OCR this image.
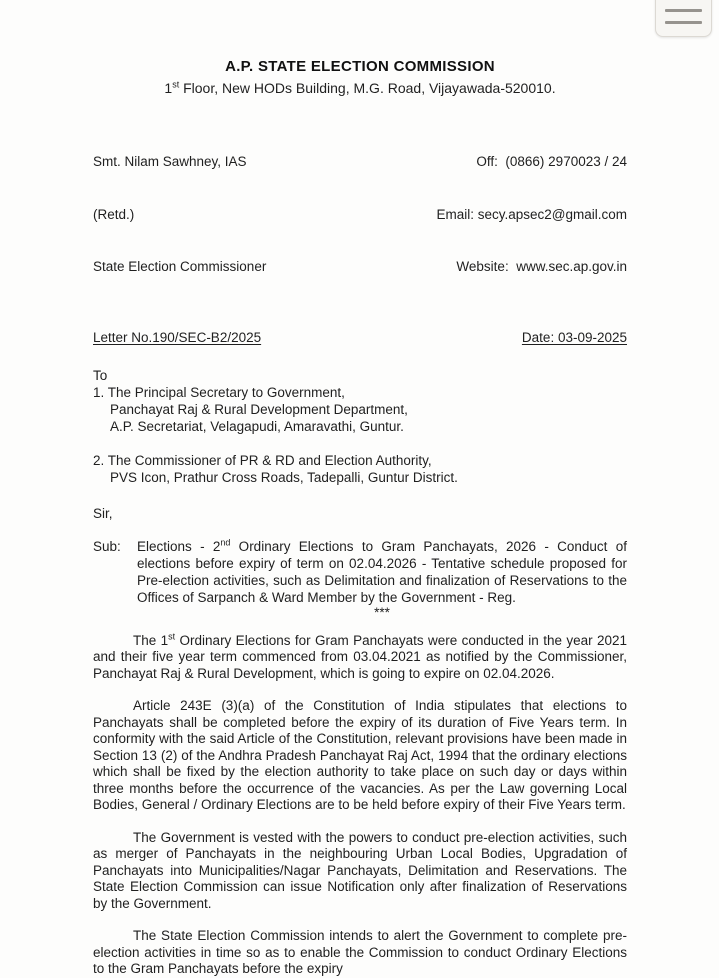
A.P. STATE ELECTION COMMISSION
1st Floor, New HODs Building, M.G. Road, Vijayawada-520010.

Smt. Nilam Sawhney, IAS

(Retd.)

State Election Commissioner

Off:  (0866) 2970023 / 24

Email: secy.apsec2@gmail.com

Website:  www.sec.ap.gov.in

Letter No.190/SEC-B2/2025	Date: 03-09-2025
To
1. The Principal Secretary to Government,
Panchayat Raj & Rural Development Department,
A.P. Secretariat, Velagapudi, Amaravathi, Guntur.
2. The Commissioner of PR & RD and Election Authority,
PVS Icon, Prathur Cross Roads, Tadepalli, Guntur District.
Sir,
Sub:	Elections - 2nd Ordinary Elections to Gram Panchayats, 2026 - Conduct of elections before expiry of term on 02.04.2026 - Tentative schedule proposed for Pre-election activities, such as Delimitation and finalization of Reservations to the Offices of Sarpanch & Ward Member by the Government - Reg.
***

The 1st Ordinary Elections for Gram Panchayats were conducted in the year 2021 and their five year term commenced from 03.04.2021 as notified by the Commissioner, Panchayat Raj & Rural Development, which is going to expire on 02.04.2026.

Article 243E (3)(a) of the Constitution of India stipulates that elections to Panchayats shall be completed before the expiry of its duration of Five Years term. In conformity with the said Article of the Constitution, relevant provisions have been made in Section 13 (2) of the Andhra Pradesh Panchayat Raj Act, 1994 that the ordinary elections which shall be fixed by the election authority to take place on such day or days within three months before the occurrence of the vacancies. As per the Law governing Local Bodies, General / Ordinary Elections are to be held before expiry of their Five Years term.

The Government is vested with the powers to conduct pre-election activities, such as merger of Panchayats in the neighbouring Urban Local Bodies, Upgradation of Panchayats into Municipalities/Nagar Panchayats, Delimitation and Reservations. The State Election Commission can issue Notification only after finalization of Reservations by the Government.

The State Election Commission intends to alert the Government to complete pre-election activities in time so as to enable the Commission to conduct Ordinary Elections to the Gram Panchayats before the expiry
